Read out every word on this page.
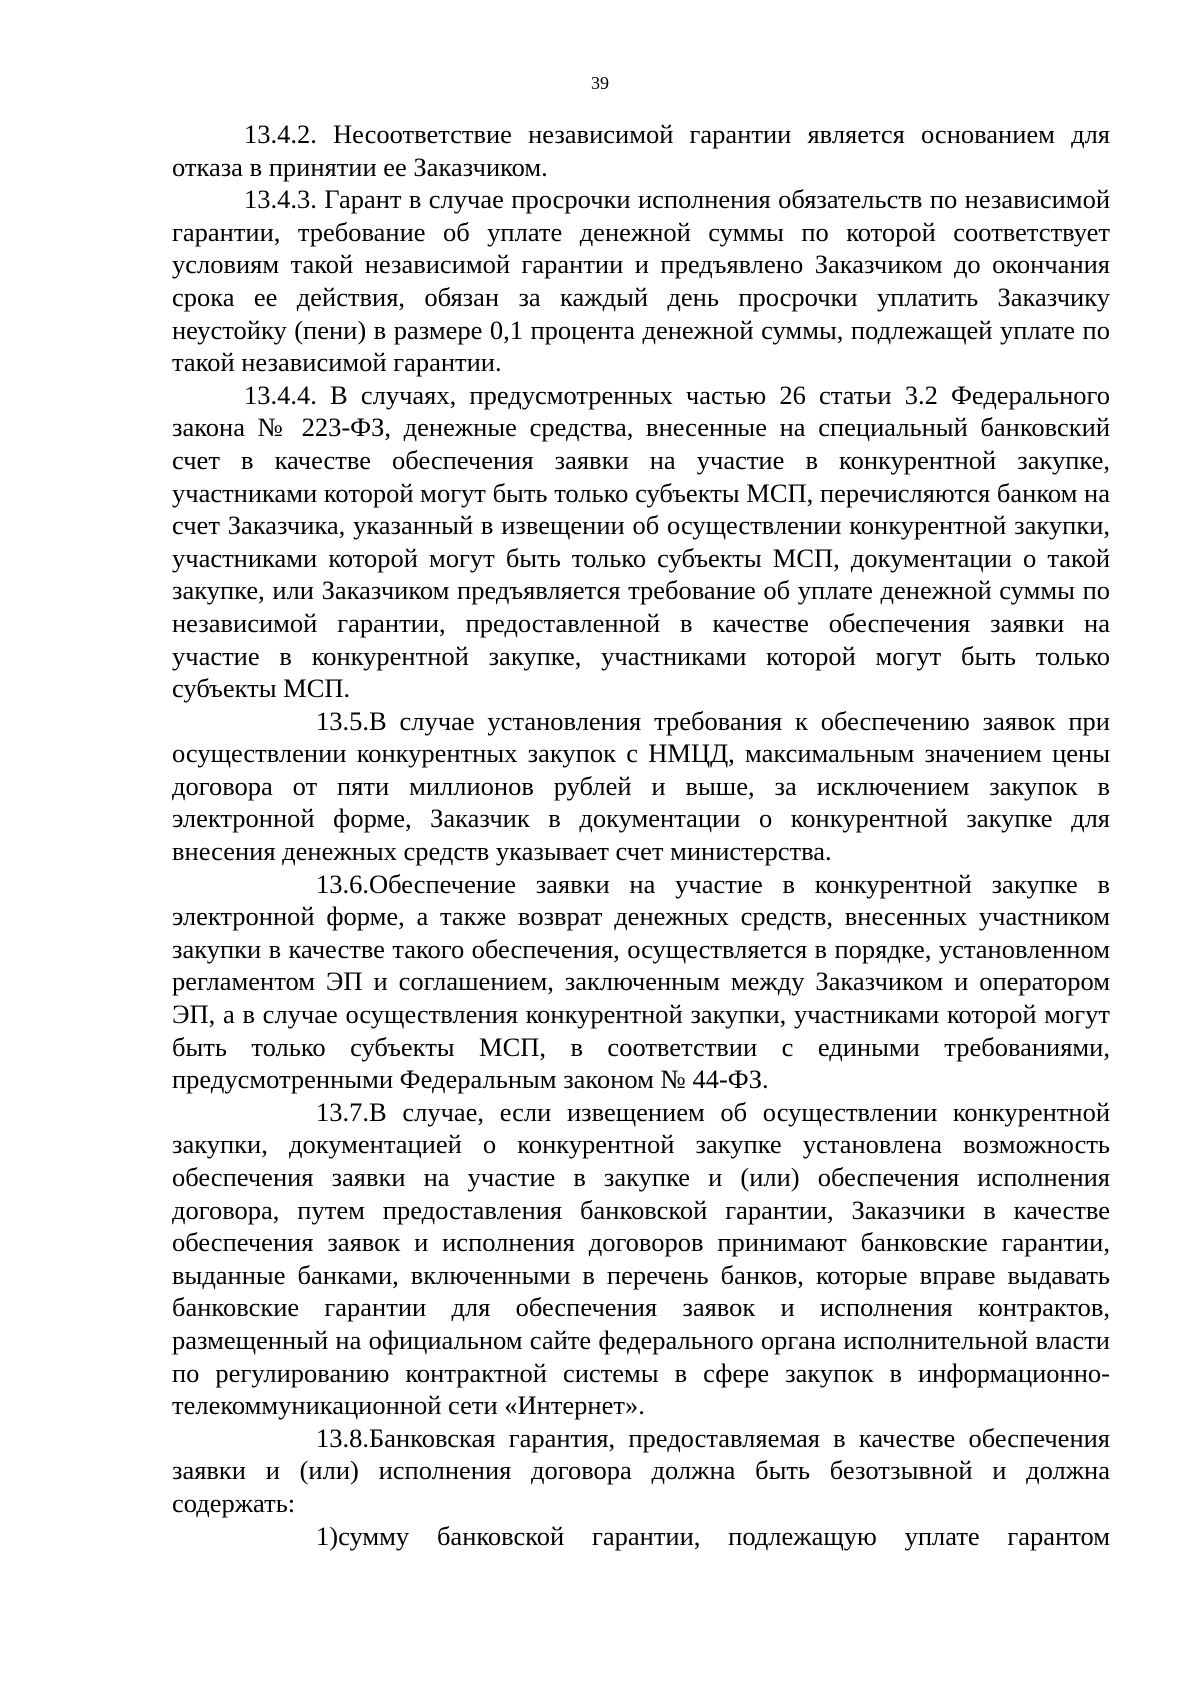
39

13.4.2. Несоответствие независимой гарантии является основанием для отказа в принятии ее Заказчиком.

13.4.3. Гарант в случае просрочки исполнения обязательств по независимой гарантии, требование об уплате денежной суммы по которой соответствует условиям такой независимой гарантии и предъявлено Заказчиком до окончания срока ее действия, обязан за каждый день просрочки уплатить Заказчику неустойку (пени) в размере 0,1 процента денежной суммы, подлежащей уплате по такой независимой гарантии.

13.4.4. В случаях, предусмотренных частью 26 статьи 3.2 Федерального закона № 223-ФЗ, денежные средства, внесенные на специальный банковский счет в качестве обеспечения заявки на участие в конкурентной закупке, участниками которой могут быть только субъекты МСП, перечисляются банком на счет Заказчика, указанный в извещении об осуществлении конкурентной закупки, участниками которой могут быть только субъекты МСП, документации о такой закупке, или Заказчиком предъявляется требование об уплате денежной суммы по независимой гарантии, предоставленной в качестве обеспечения заявки на участие в конкурентной закупке, участниками которой могут быть только субъекты МСП.

13.5.В случае установления требования к обеспечению заявок при осуществлении конкурентных закупок с НМЦД, максимальным значением цены договора от пяти миллионов рублей и выше, за исключением закупок в электронной форме, Заказчик в документации о конкурентной закупке для внесения денежных средств указывает счет министерства.

13.6.Обеспечение заявки на участие в конкурентной закупке в электронной форме, а также возврат денежных средств, внесенных участником закупки в качестве такого обеспечения, осуществляется в порядке, установленном регламентом ЭП и соглашением, заключенным между Заказчиком и оператором ЭП, а в случае осуществления конкурентной закупки, участниками которой могут быть только субъекты МСП, в соответствии с едиными требованиями, предусмотренными Федеральным законом № 44-ФЗ.

13.7.В случае, если извещением об осуществлении конкурентной закупки, документацией о конкурентной закупке установлена возможность обеспечения заявки на участие в закупке и (или) обеспечения исполнения договора, путем предоставления банковской гарантии, Заказчики в качестве обеспечения заявок и исполнения договоров принимают банковские гарантии, выданные банками, включенными в перечень банков, которые вправе выдавать банковские гарантии для обеспечения заявок и исполнения контрактов, размещенный на официальном сайте федерального органа исполнительной власти по регулированию контрактной системы в сфере закупок в информационно-телекоммуникационной сети «Интернет».

13.8.Банковская гарантия, предоставляемая в качестве обеспечения заявки и (или) исполнения договора должна быть безотзывной и должна содержать:

1)сумму банковской гарантии, подлежащую уплате гарантом
